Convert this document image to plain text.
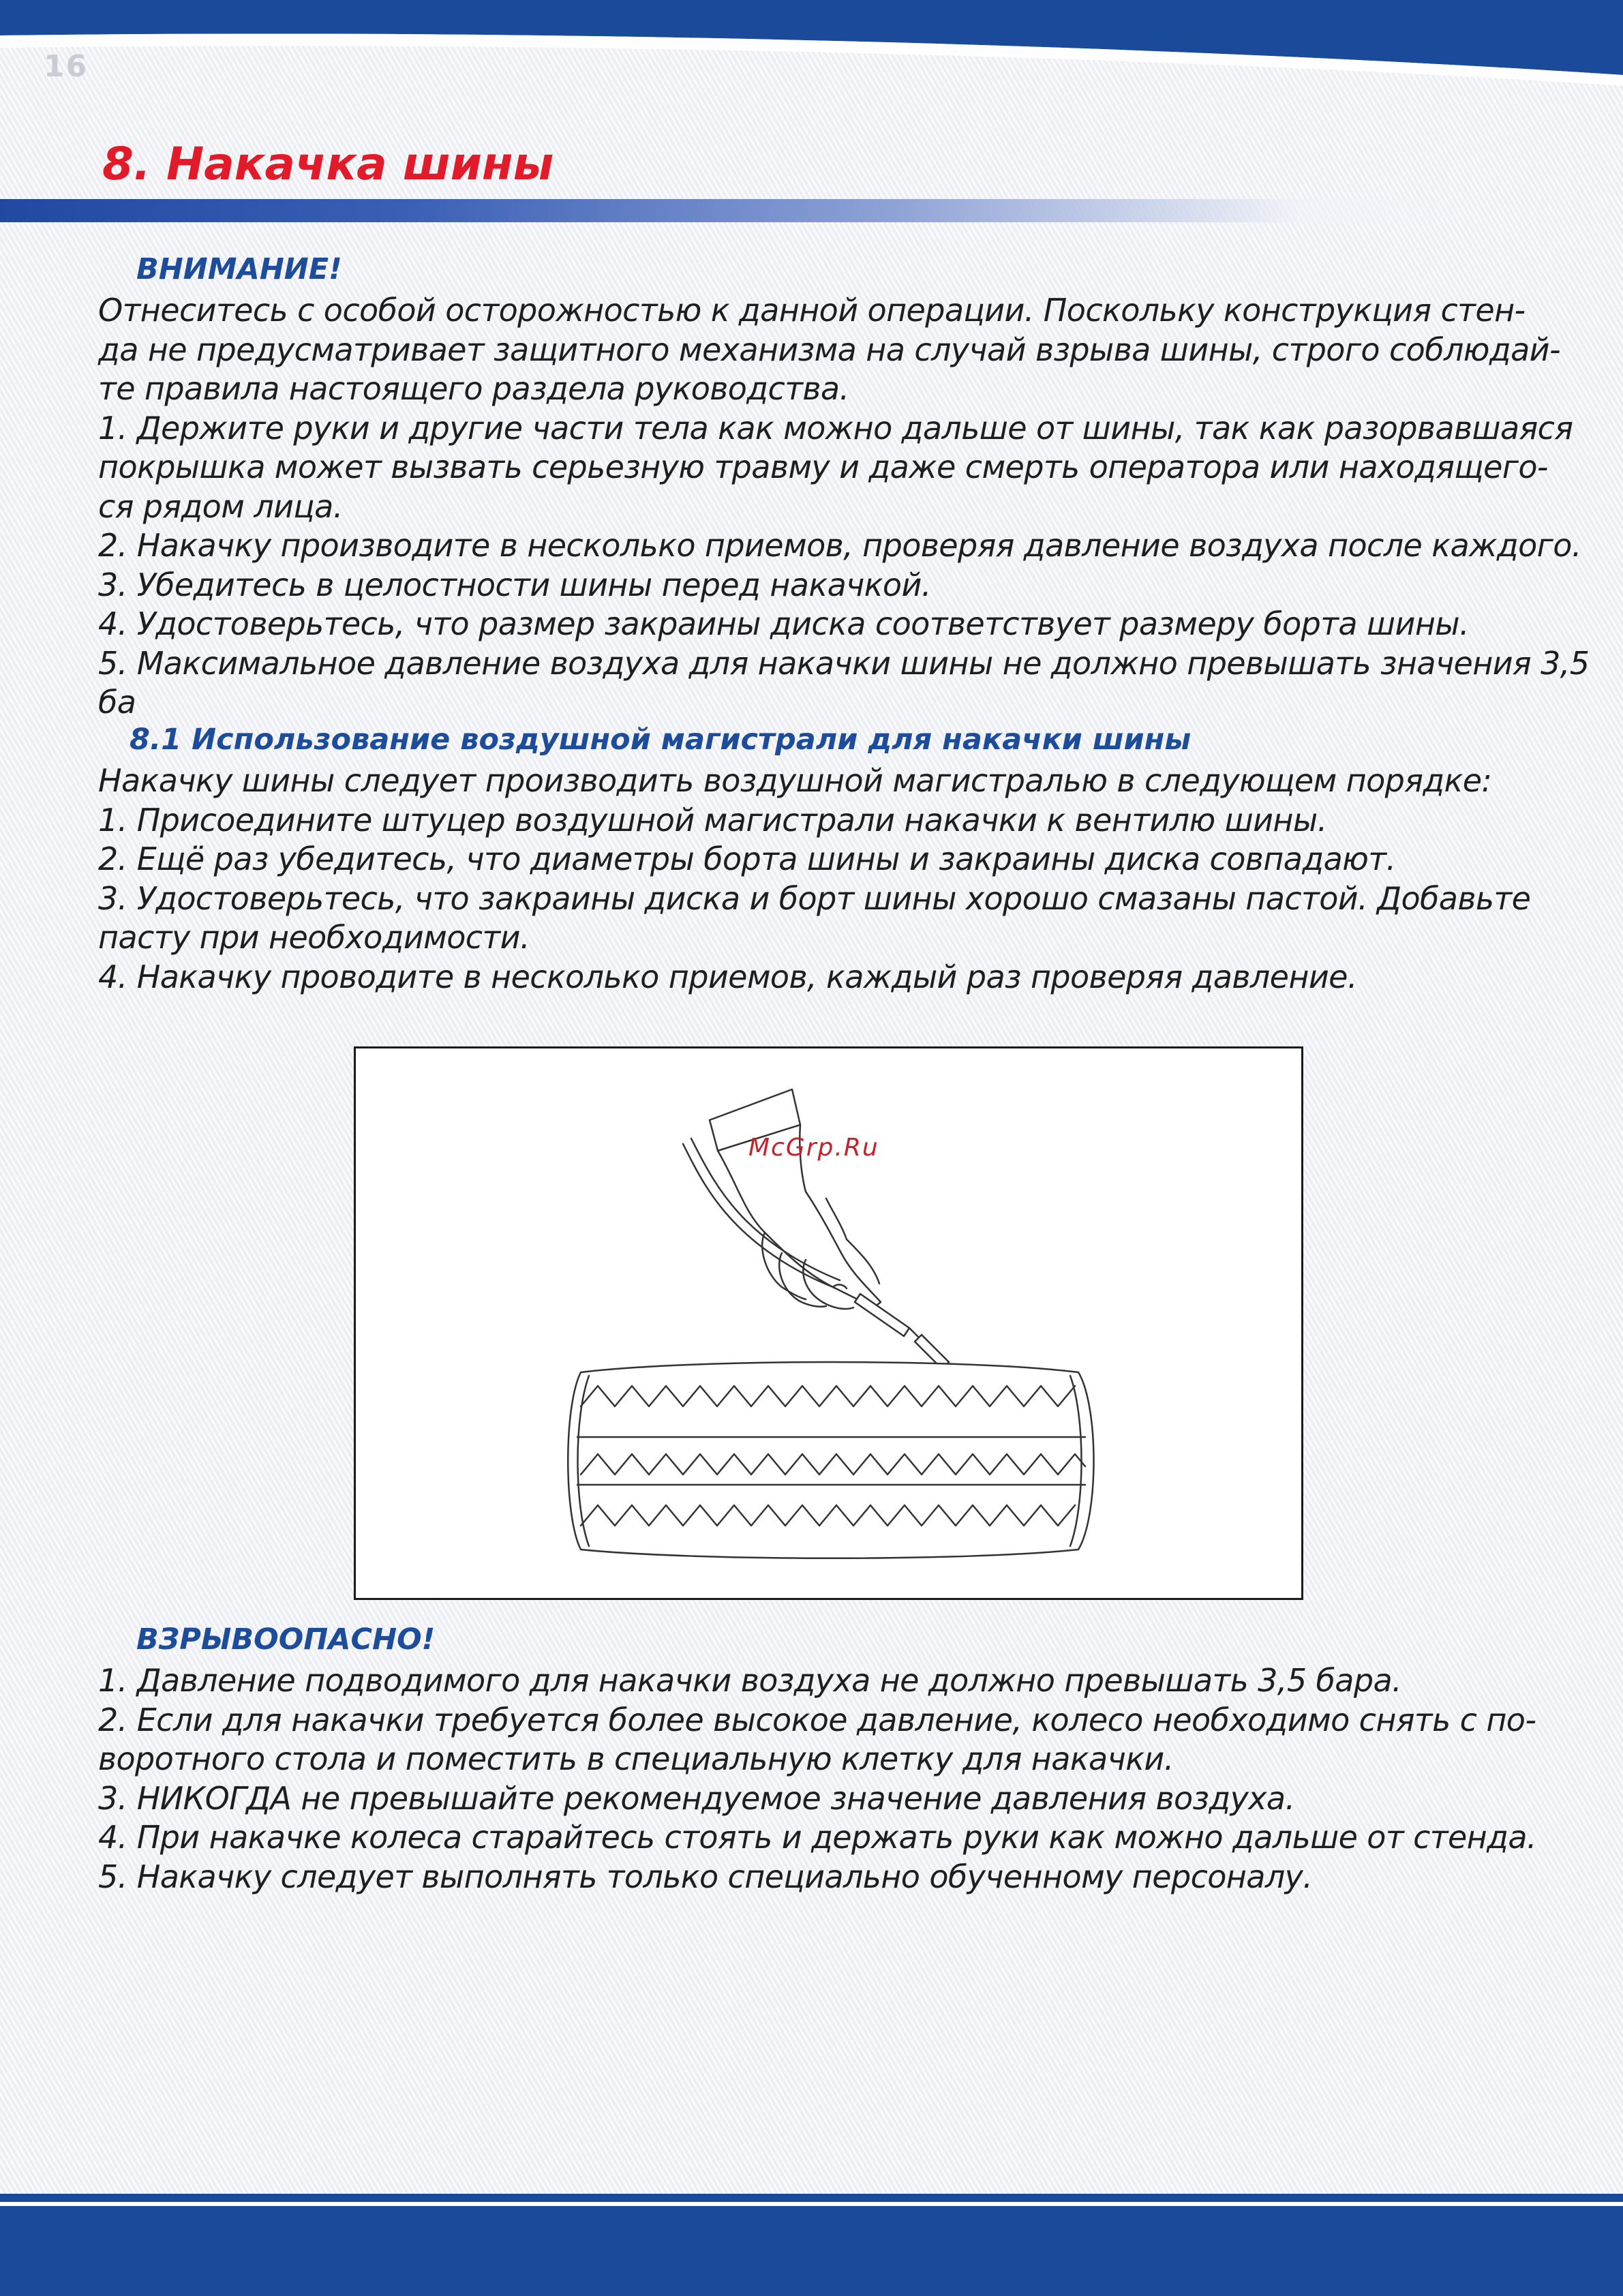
16
8. Накачка шины
ВНИМАНИЕ!
Отнеситесь с особой осторожностью к данной операции. Поскольку конструкция стен-
да не предусматривает защитного механизма на случай взрыва шины, строго соблюдай-
те правила настоящего раздела руководства.
1. Держите руки и другие части тела как можно дальше от шины, так как разорвавшаяся
покрышка может вызвать серьезную травму и даже смерть оператора или находящего-
ся рядом лица.
2. Накачку производите в несколько приемов, проверяя давление воздуха после каждого.
3. Убедитесь в целостности шины перед накачкой.
4. Удостоверьтесь, что размер закраины диска соответствует размеру борта шины.
5. Максимальное давление воздуха для накачки шины не должно превышать значения 3,5
ба
8.1 Использование воздушной магистрали для накачки шины
Накачку шины следует производить воздушной магистралью в следующем порядке:
1. Присоедините штуцер воздушной магистрали накачки к вентилю шины.
2. Ещё раз убедитесь, что диаметры борта шины и закраины диска совпадают.
3. Удостоверьтесь, что закраины диска и борт шины хорошо смазаны пастой. Добавьте
пасту при необходимости.
4. Накачку проводите в несколько приемов, каждый раз проверяя давление.
McGrp.Ru
ВЗРЫВООПАСНО!
1. Давление подводимого для накачки воздуха не должно превышать 3,5 бара.
2. Если для накачки требуется более высокое давление, колесо необходимо снять с по-
воротного стола и поместить в специальную клетку для накачки.
3. НИКОГДА не превышайте рекомендуемое значение давления воздуха.
4. При накачке колеса старайтесь стоять и держать руки как можно дальше от стенда.
5. Накачку следует выполнять только специально обученному персоналу.
